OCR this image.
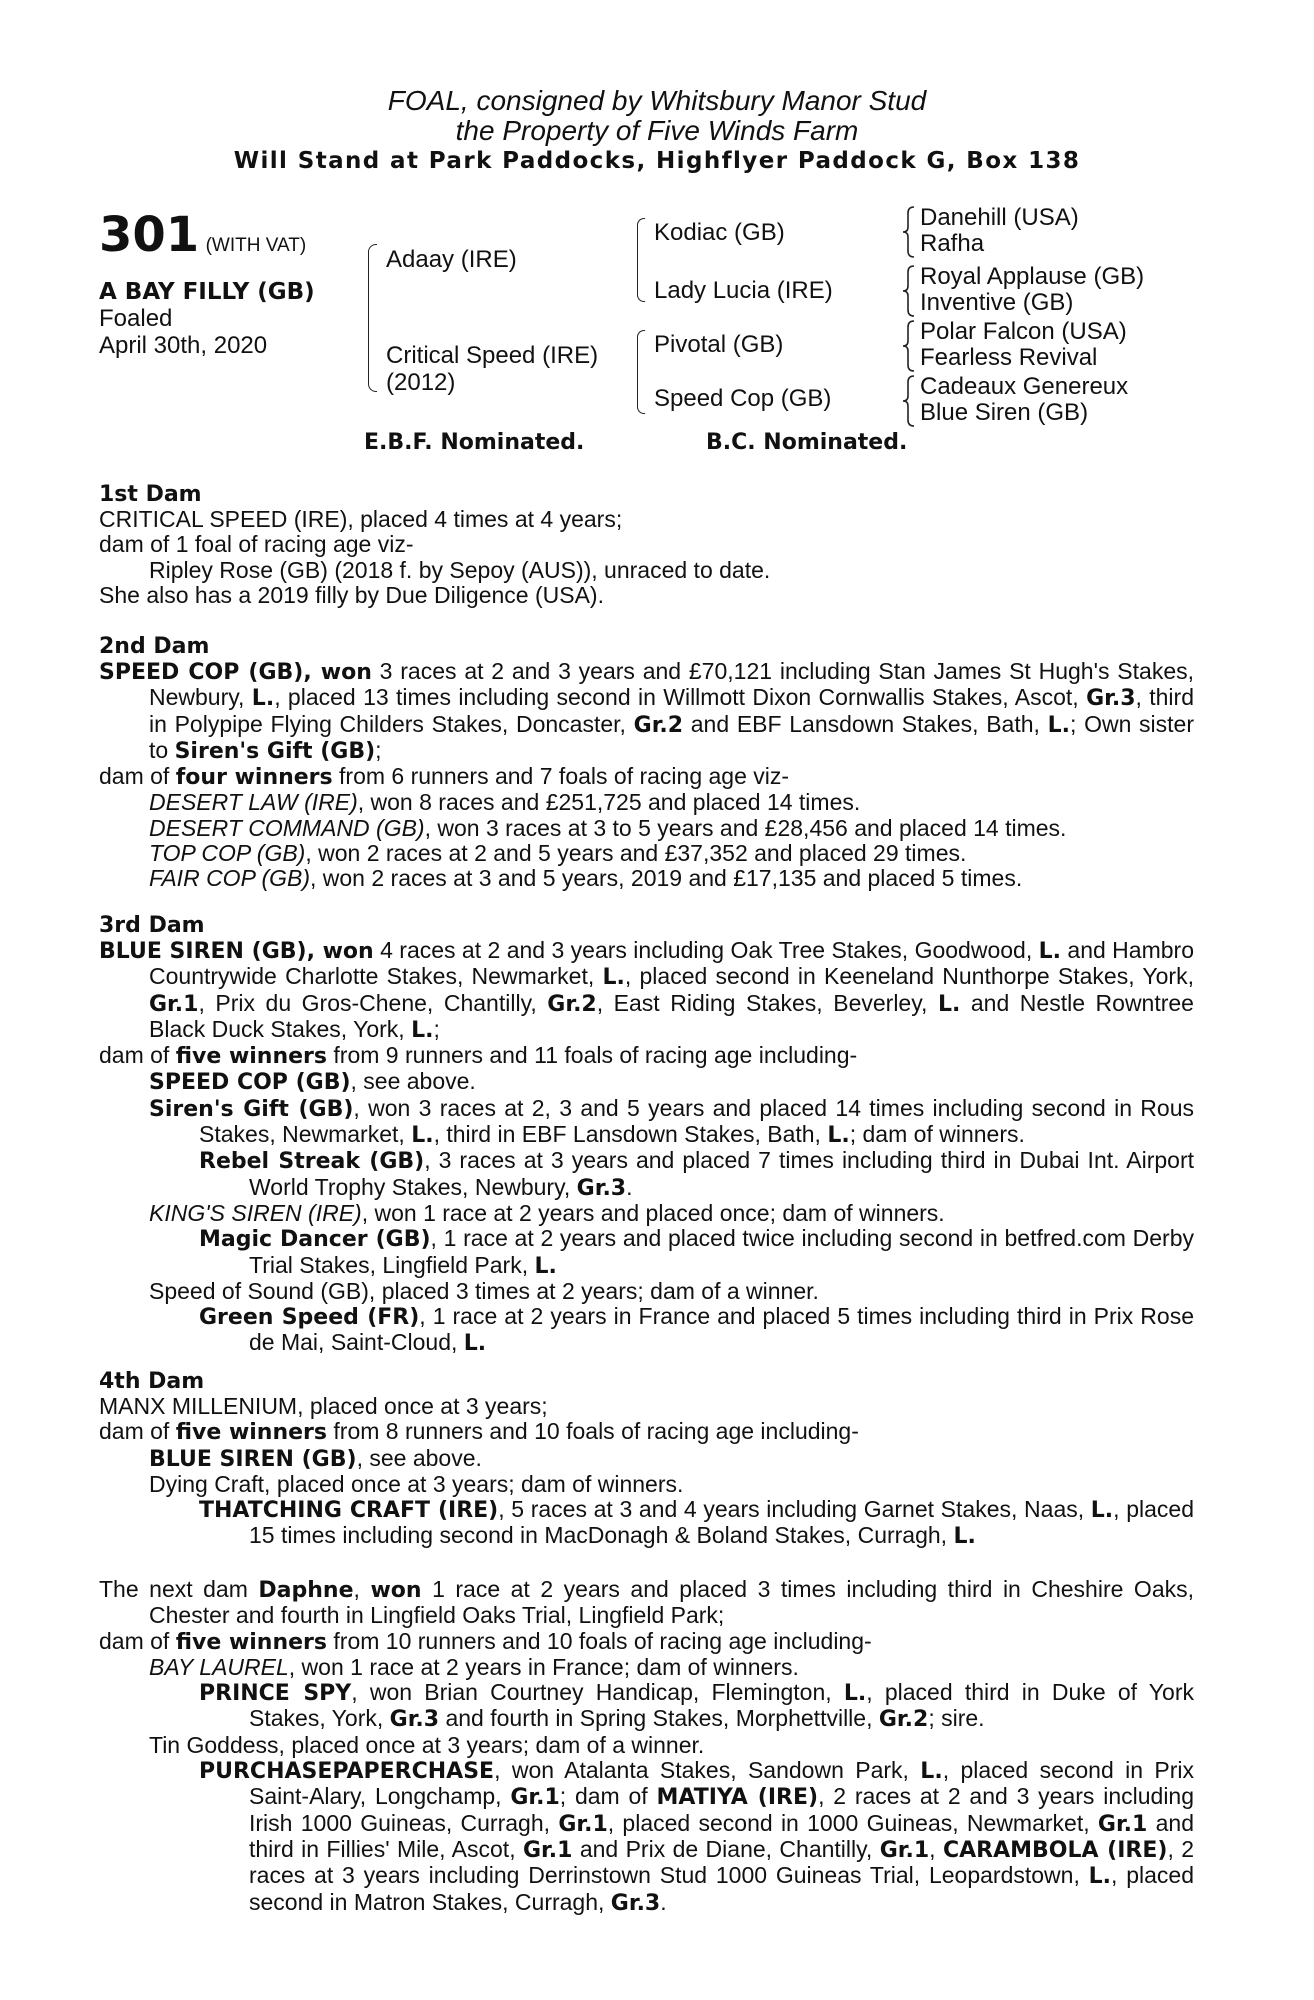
FOAL, consigned by Whitsbury Manor Stud
the Property of Five Winds Farm
Will Stand at Park Paddocks, Highflyer Paddock G, Box 138
301 (WITH VAT)
A BAY FILLY (GB)
Foaled
April 30th, 2020
Adaay (IRE)
Critical Speed (IRE)
(2012)
Kodiac (GB)
Lady Lucia (IRE)
Pivotal (GB)
Speed Cop (GB)
Danehill (USA)
Rafha
Royal Applause (GB)
Inventive (GB)
Polar Falcon (USA)
Fearless Revival
Cadeaux Genereux
Blue Siren (GB)
E.B.F. Nominated.	B.C. Nominated.

1st Dam

CRITICAL SPEED (IRE), placed 4 times at 4 years;

dam of 1 foal of racing age viz-

Ripley Rose (GB) (2018 f. by Sepoy (AUS)), unraced to date.

She also has a 2019 filly by Due Diligence (USA).

2nd Dam

SPEED COP (GB), won 3 races at 2 and 3 years and £70,121 including Stan James St Hugh's Stakes, Newbury, L., placed 13 times including second in Willmott Dixon Cornwallis Stakes, Ascot, Gr.3, third in Polypipe Flying Childers Stakes, Doncaster, Gr.2 and EBF Lansdown Stakes, Bath, L.; Own sister to Siren's Gift (GB);

dam of four winners from 6 runners and 7 foals of racing age viz-

DESERT LAW (IRE), won 8 races and £251,725 and placed 14 times.

DESERT COMMAND (GB), won 3 races at 3 to 5 years and £28,456 and placed 14 times.

TOP COP (GB), won 2 races at 2 and 5 years and £37,352 and placed 29 times.

FAIR COP (GB), won 2 races at 3 and 5 years, 2019 and £17,135 and placed 5 times.

3rd Dam

BLUE SIREN (GB), won 4 races at 2 and 3 years including Oak Tree Stakes, Goodwood, L. and Hambro Countrywide Charlotte Stakes, Newmarket, L., placed second in Keeneland Nunthorpe Stakes, York, Gr.1, Prix du Gros-Chene, Chantilly, Gr.2, East Riding Stakes, Beverley, L. and Nestle Rowntree Black Duck Stakes, York, L.;

dam of five winners from 9 runners and 11 foals of racing age including-

SPEED COP (GB), see above.

Siren's Gift (GB), won 3 races at 2, 3 and 5 years and placed 14 times including second in Rous Stakes, Newmarket, L., third in EBF Lansdown Stakes, Bath, L.; dam of winners.

Rebel Streak (GB), 3 races at 3 years and placed 7 times including third in Dubai Int. Airport World Trophy Stakes, Newbury, Gr.3.

KING'S SIREN (IRE), won 1 race at 2 years and placed once; dam of winners.

Magic Dancer (GB), 1 race at 2 years and placed twice including second in betfred.com Derby Trial Stakes, Lingfield Park, L.

Speed of Sound (GB), placed 3 times at 2 years; dam of a winner.

Green Speed (FR), 1 race at 2 years in France and placed 5 times including third in Prix Rose de Mai, Saint-Cloud, L.

4th Dam

MANX MILLENIUM, placed once at 3 years;

dam of five winners from 8 runners and 10 foals of racing age including-

BLUE SIREN (GB), see above.

Dying Craft, placed once at 3 years; dam of winners.

THATCHING CRAFT (IRE), 5 races at 3 and 4 years including Garnet Stakes, Naas, L., placed 15 times including second in MacDonagh & Boland Stakes, Curragh, L.

The next dam Daphne, won 1 race at 2 years and placed 3 times including third in Cheshire Oaks, Chester and fourth in Lingfield Oaks Trial, Lingfield Park;

dam of five winners from 10 runners and 10 foals of racing age including-

BAY LAUREL, won 1 race at 2 years in France; dam of winners.

PRINCE SPY, won Brian Courtney Handicap, Flemington, L., placed third in Duke of York Stakes, York, Gr.3 and fourth in Spring Stakes, Morphettville, Gr.2; sire.

Tin Goddess, placed once at 3 years; dam of a winner.

PURCHASEPAPERCHASE, won Atalanta Stakes, Sandown Park, L., placed second in Prix Saint-Alary, Longchamp, Gr.1; dam of MATIYA (IRE), 2 races at 2 and 3 years including Irish 1000 Guineas, Curragh, Gr.1, placed second in 1000 Guineas, Newmarket, Gr.1 and third in Fillies' Mile, Ascot, Gr.1 and Prix de Diane, Chantilly, Gr.1, CARAMBOLA (IRE), 2 races at 3 years including Derrinstown Stud 1000 Guineas Trial, Leopardstown, L., placed second in Matron Stakes, Curragh, Gr.3.
